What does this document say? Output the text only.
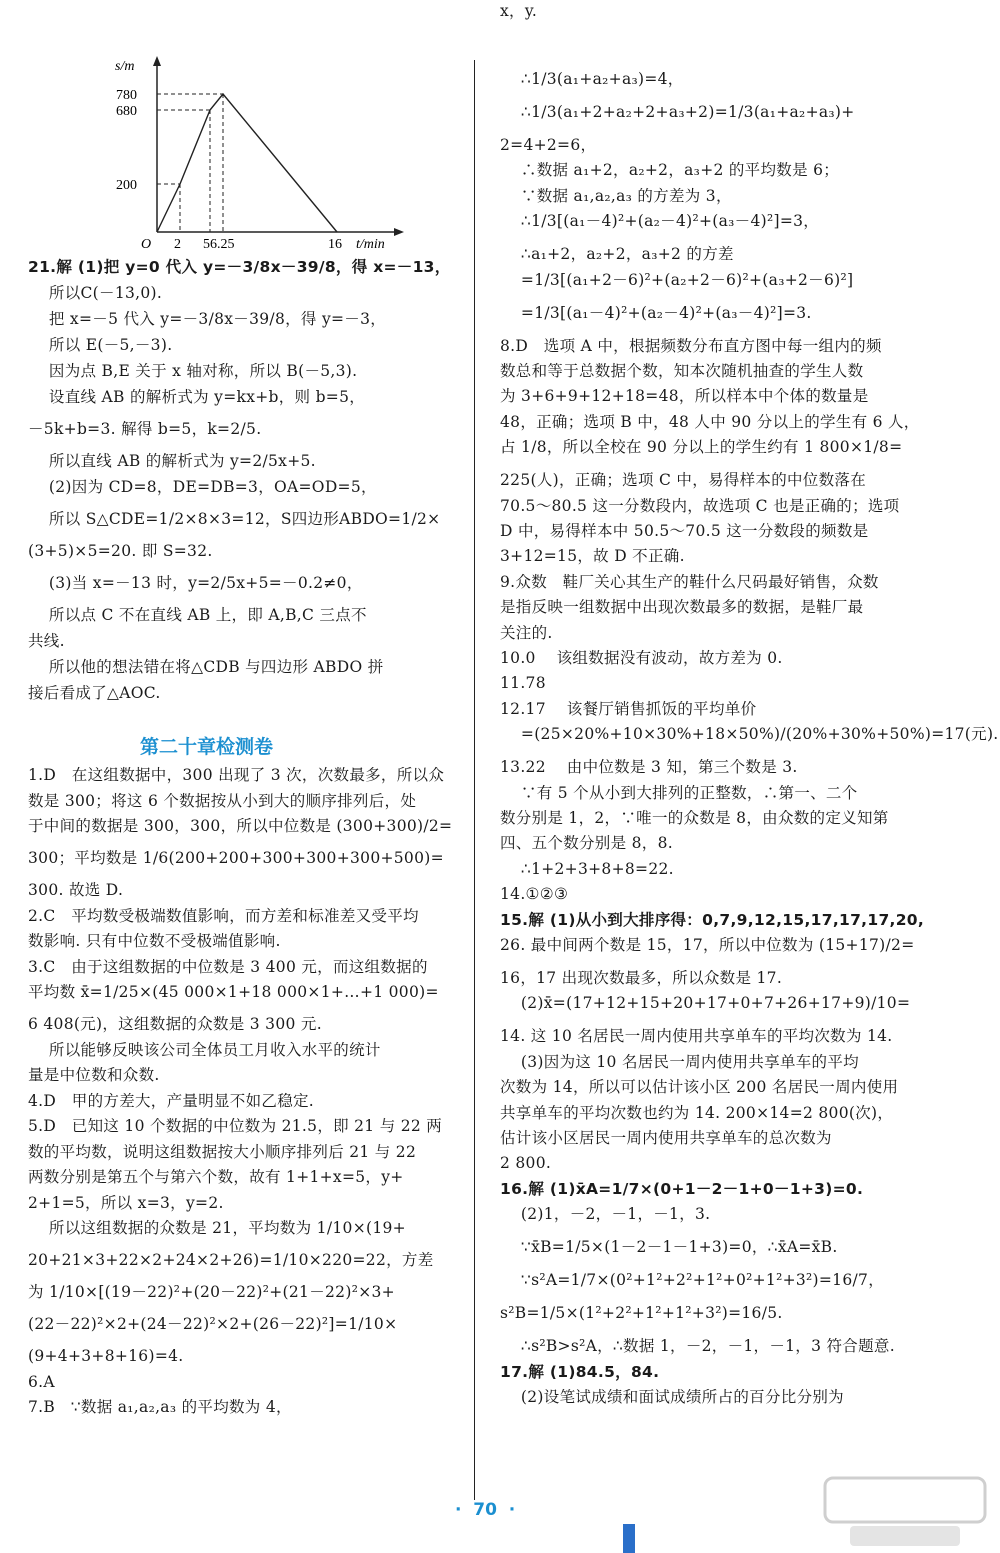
s/m
780
680
200
O 2 56.25	16 t/min
第二十章检测卷
21.解 (1)把 y=0 代入 y=－3/8x－39/8，得 x=－13，
所以C(－13,0).
把 x=－5 代入 y=－3/8x－39/8，得 y=－3，
所以 E(－5,－3).
因为点 B,E 关于 x 轴对称，所以 B(－5,3).
设直线 AB 的解析式为 y=kx+b，则 b=5，
－5k+b=3. 解得 b=5，k=2/5.
所以直线 AB 的解析式为 y=2/5x+5.
(2)因为 CD=8，DE=DB=3，OA=OD=5，
所以 S△CDE=1/2×8×3=12，S四边形ABDO=1/2×
(3+5)×5=20. 即 S=32.
(3)当 x=－13 时，y=2/5x+5=－0.2≠0，
所以点 C 不在直线 AB 上，即 A,B,C 三点不
共线.
所以他的想法错在将△CDB 与四边形 ABDO 拼
接后看成了△AOC.
1.D   在这组数据中，300 出现了 3 次，次数最多，所以众
数是 300；将这 6 个数据按从小到大的顺序排列后，处
于中间的数据是 300，300，所以中位数是 (300+300)/2=
300；平均数是 1/6(200+200+300+300+300+500)=
300. 故选 D.
2.C   平均数受极端数值影响，而方差和标准差又受平均
数影响. 只有中位数不受极端值影响.
3.C   由于这组数据的中位数是 3 400 元，而这组数据的
平均数 x̄=1/25×(45 000×1+18 000×1+…+1 000)=
6 408(元)，这组数据的众数是 3 300 元.
所以能够反映该公司全体员工月收入水平的统计
量是中位数和众数.
4.D   甲的方差大，产量明显不如乙稳定.
5.D   已知这 10 个数据的中位数为 21.5，即 21 与 22 两
数的平均数，说明这组数据按大小顺序排列后 21 与 22
两数分别是第五个与第六个数，故有 1+1+x=5，y+
2+1=5，所以 x=3，y=2.
所以这组数据的众数是 21，平均数为 1/10×(19+
20+21×3+22×2+24×2+26)=1/10×220=22，方差
为 1/10×[(19－22)²+(20－22)²+(21－22)²×3+
(22－22)²×2+(24－22)²×2+(26－22)²]=1/10×
(9+4+3+8+16)=4.
6.A
7.B   ∵数据 a₁,a₂,a₃ 的平均数为 4，
∴1/3(a₁+a₂+a₃)=4，
∴1/3(a₁+2+a₂+2+a₃+2)=1/3(a₁+a₂+a₃)+
2=4+2=6，
∴数据 a₁+2，a₂+2，a₃+2 的平均数是 6；
∵数据 a₁,a₂,a₃ 的方差为 3，
∴1/3[(a₁－4)²+(a₂－4)²+(a₃－4)²]=3，
∴a₁+2，a₂+2，a₃+2 的方差
=1/3[(a₁+2－6)²+(a₂+2－6)²+(a₃+2－6)²]
=1/3[(a₁－4)²+(a₂－4)²+(a₃－4)²]=3.
8.D   选项 A 中，根据频数分布直方图中每一组内的频
数总和等于总数据个数，知本次随机抽查的学生人数
为 3+6+9+12+18=48，所以样本中个体的数量是
48，正确；选项 B 中，48 人中 90 分以上的学生有 6 人，
占 1/8，所以全校在 90 分以上的学生约有 1 800×1/8=
225(人)，正确；选项 C 中，易得样本的中位数落在
70.5～80.5 这一分数段内，故选项 C 也是正确的；选项
D 中，易得样本中 50.5～70.5 这一分数段的频数是
3+12=15，故 D 不正确.
9.众数   鞋厂关心其生产的鞋什么尺码最好销售，众数
是指反映一组数据中出现次数最多的数据，是鞋厂最
关注的.
10.0    该组数据没有波动，故方差为 0.
11.78
12.17    该餐厅销售抓饭的平均单价
=(25×20%+10×30%+18×50%)/(20%+30%+50%)=17(元).
13.22    由中位数是 3 知，第三个数是 3.
∵有 5 个从小到大排列的正整数，∴第一、二个
数分别是 1，2，∵唯一的众数是 8，由众数的定义知第
四、五个数分别是 8，8.
∴1+2+3+8+8=22.
14.①②③
15.解 (1)从小到大排序得：0,7,9,12,15,17,17,17,20,
26. 最中间两个数是 15，17，所以中位数为 (15+17)/2=
16，17 出现次数最多，所以众数是 17.
(2)x̄=(17+12+15+20+17+0+7+26+17+9)/10=
14. 这 10 名居民一周内使用共享单车的平均次数为 14.
(3)因为这 10 名居民一周内使用共享单车的平均
次数为 14，所以可以估计该小区 200 名居民一周内使用
共享单车的平均次数也约为 14. 200×14=2 800(次)，
估计该小区居民一周内使用共享单车的总次数为
2 800.
16.解 (1)x̄A=1/7×(0+1－2－1+0－1+3)=0.
(2)1，－2，－1，－1，3.
∵x̄B=1/5×(1－2－1－1+3)=0，∴x̄A=x̄B.
∵s²A=1/7×(0²+1²+2²+1²+0²+1²+3²)=16/7，
s²B=1/5×(1²+2²+1²+1²+3²)=16/5.
∴s²B>s²A，∴数据 1，－2，－1，－1，3 符合题意.
17.解 (1)84.5，84.
(2)设笔试成绩和面试成绩所占的百分比分别为
x，y.
·  70  ·
